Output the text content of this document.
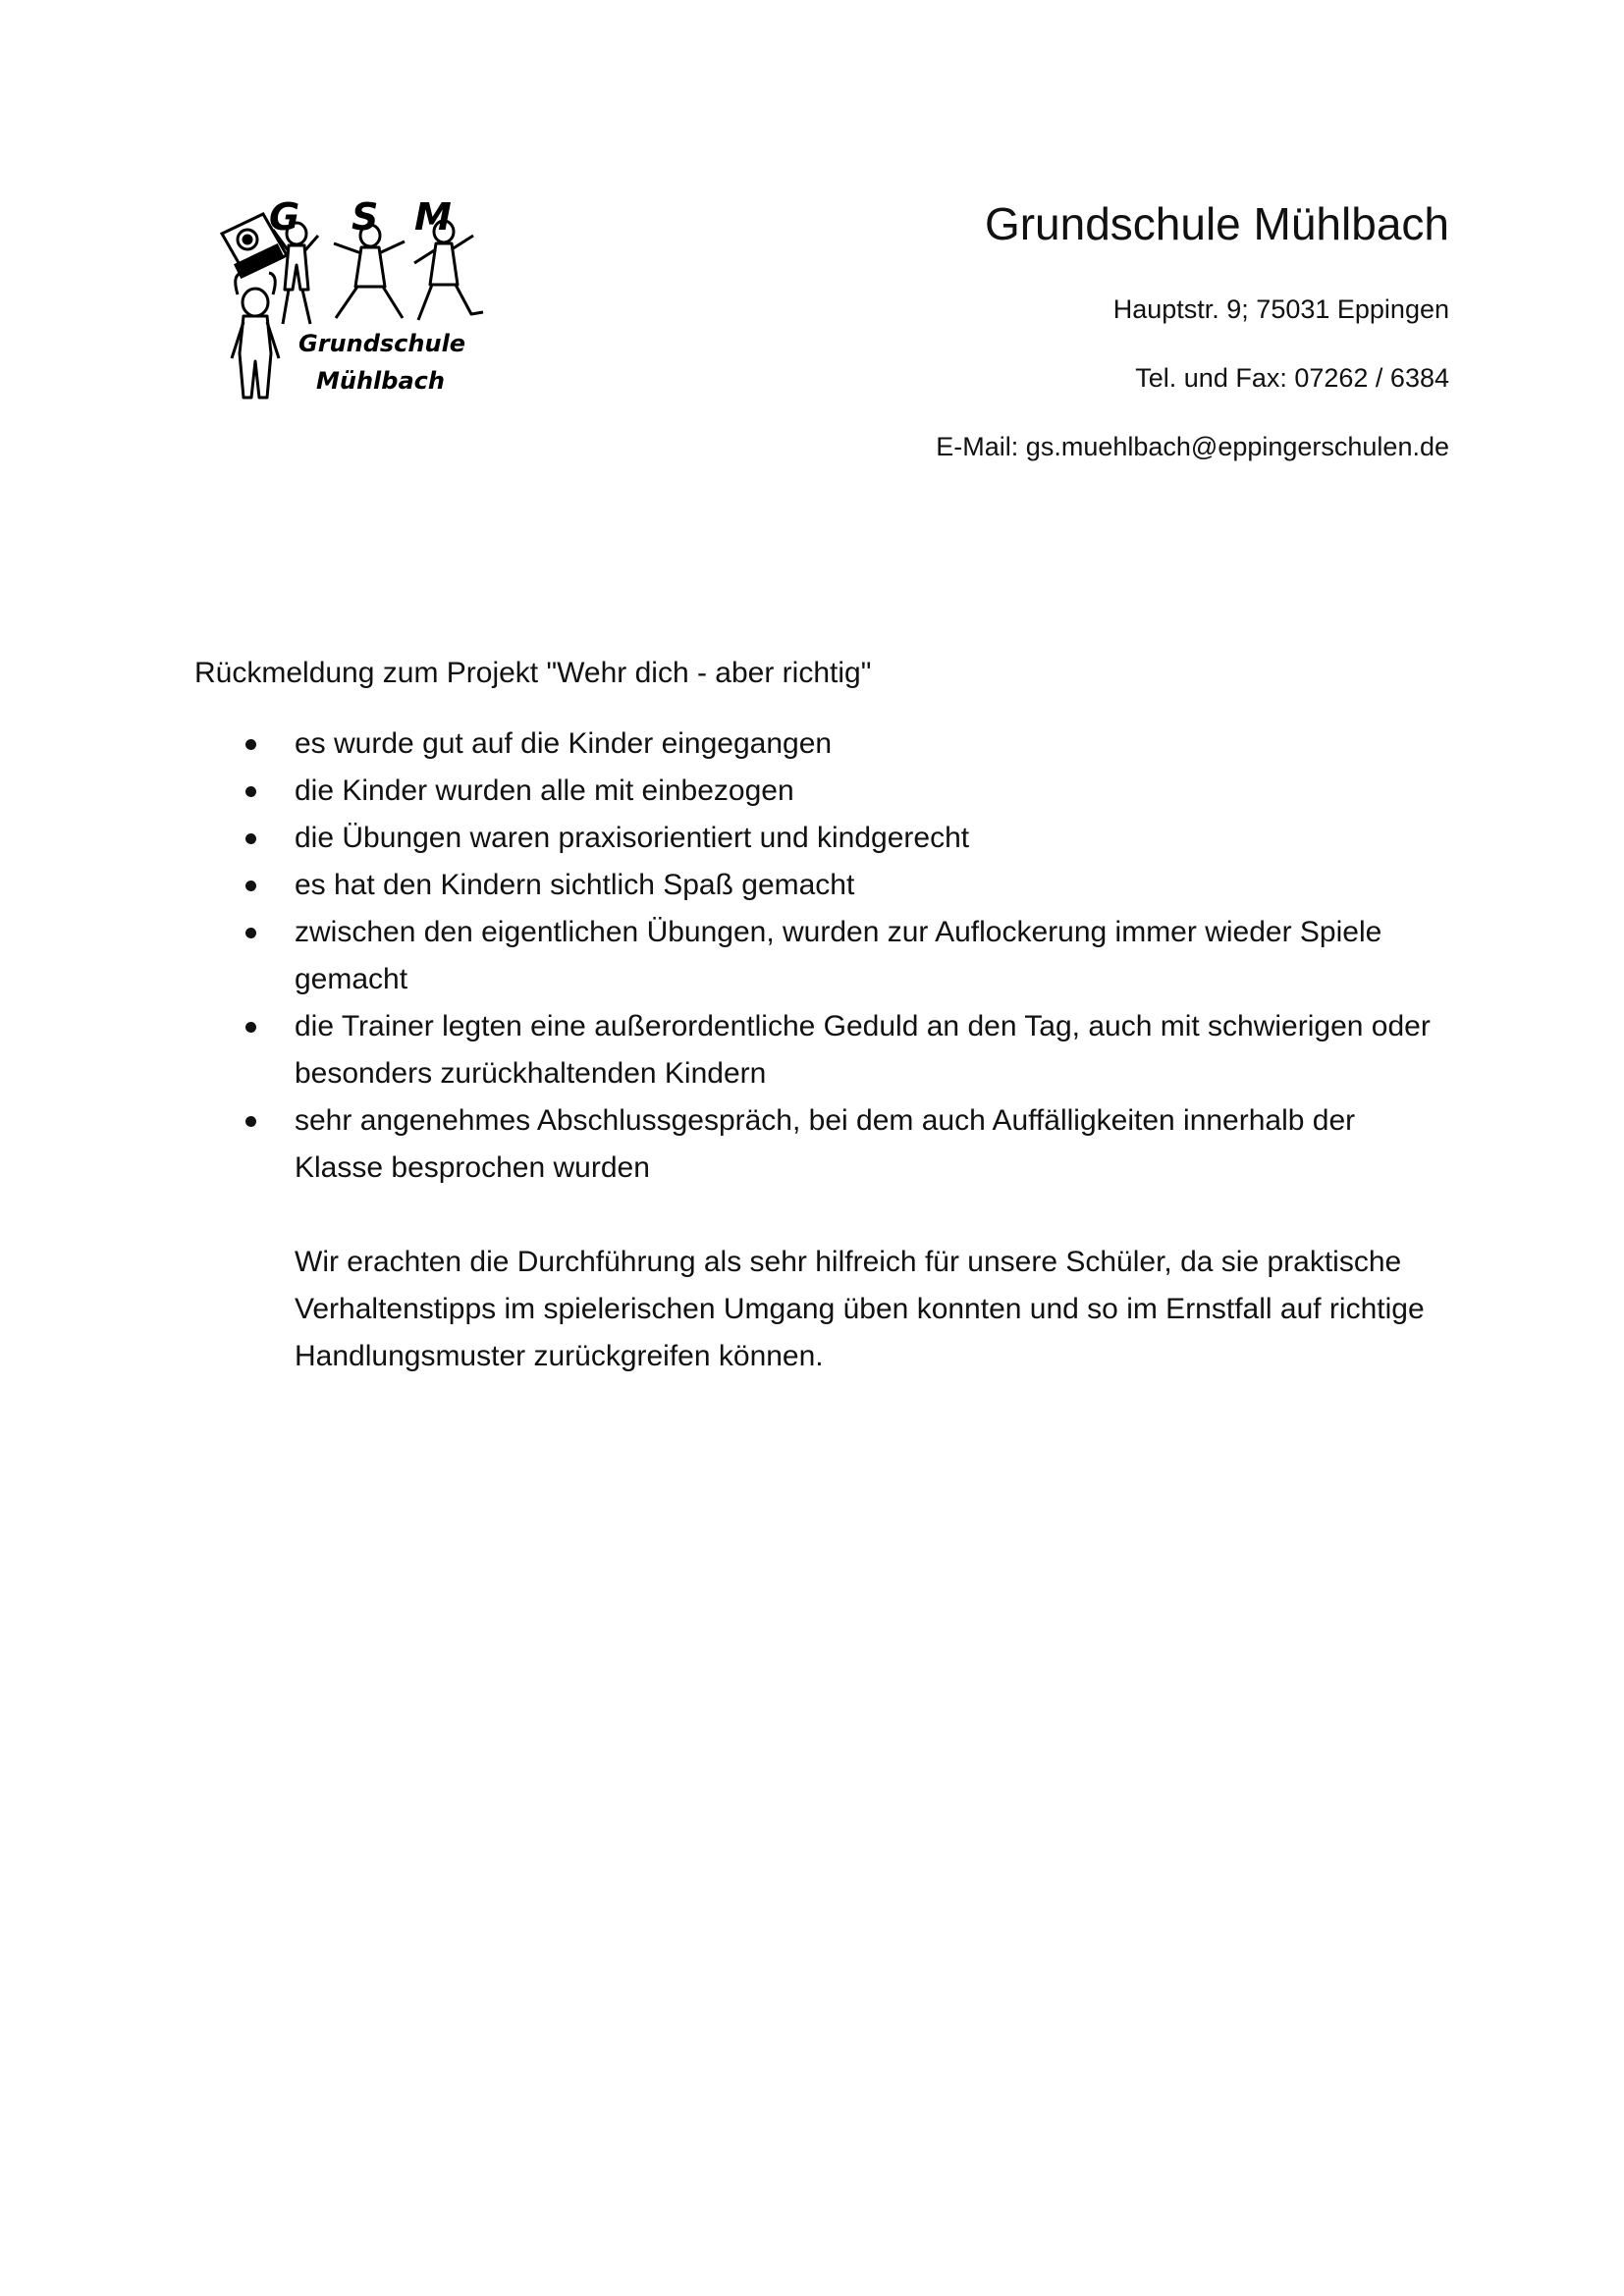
G S M
Grundschule
Mühlbach
Grundschule Mühlbach
Hauptstr. 9; 75031 Eppingen
Tel. und Fax: 07262 / 6384
E-Mail: gs.muehlbach@eppingerschulen.de

Rückmeldung zum Projekt "Wehr dich - aber richtig"

es wurde gut auf die Kinder eingegangen
die Kinder wurden alle mit einbezogen
die Übungen waren praxisorientiert und kindgerecht
es hat den Kindern sichtlich Spaß gemacht
zwischen den eigentlichen Übungen, wurden zur Auflockerung immer wieder Spiele gemacht
die Trainer legten eine außerordentliche Geduld an den Tag, auch mit schwierigen oder besonders zurückhaltenden Kindern
sehr angenehmes Abschlussgespräch, bei dem auch Auffälligkeiten innerhalb der Klasse besprochen wurden

Wir erachten die Durchführung als sehr hilfreich für unsere Schüler, da sie praktische Verhaltenstipps im spielerischen Umgang üben konnten und so im Ernstfall auf richtige Handlungsmuster zurückgreifen können.
